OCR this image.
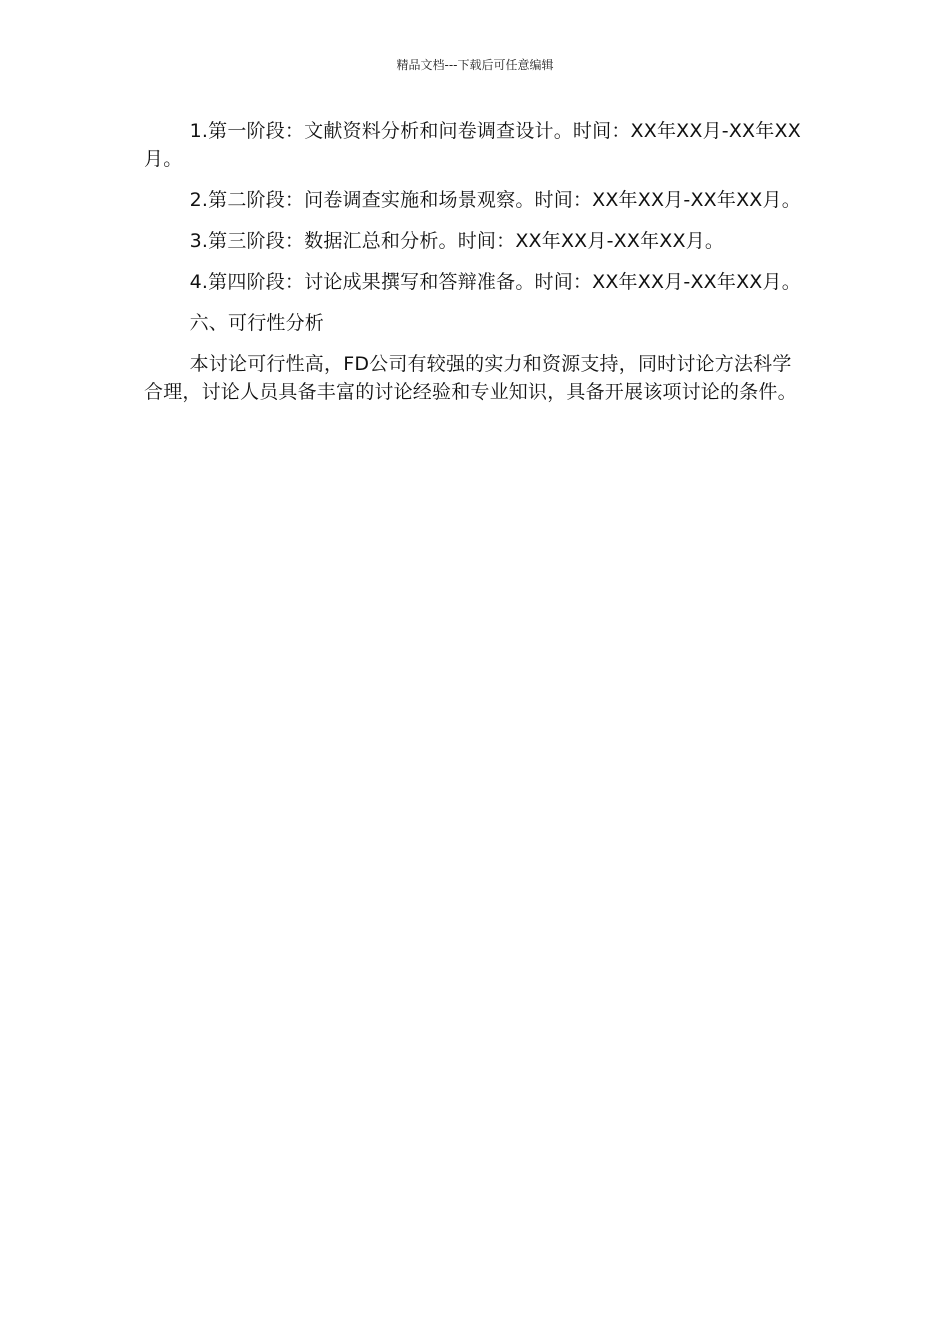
精品文档---下载后可任意编辑

1.第一阶段：文献资料分析和问卷调查设计。时间：XX年XX月-XX年XX月。

2.第二阶段：问卷调查实施和场景观察。时间：XX年XX月-XX年XX月。

3.第三阶段：数据汇总和分析。时间：XX年XX月-XX年XX月。

4.第四阶段：讨论成果撰写和答辩准备。时间：XX年XX月-XX年XX月。

六、可行性分析

本讨论可行性高，FD公司有较强的实力和资源支持，同时讨论方法科学合理，讨论人员具备丰富的讨论经验和专业知识，具备开展该项讨论的条件。
